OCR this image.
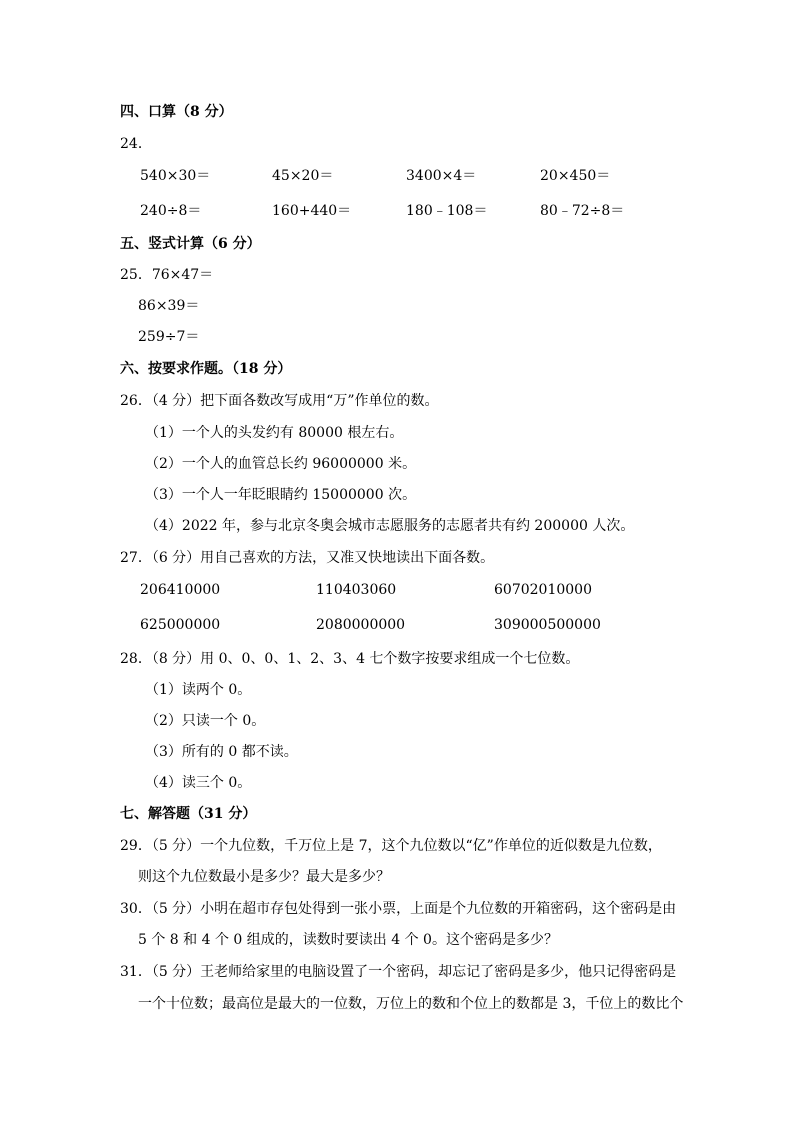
四、口算（8 分）
24．
540×30＝	45×20＝	3400×4＝	20×450＝
240÷8＝	160+440＝	180﹣108＝	80﹣72÷8＝
五、竖式计算（6 分）
25．76×47＝
86×39＝
259÷7＝
六、按要求作题。（18 分）
26．（4 分）把下面各数改写成用“万”作单位的数。
（1）一个人的头发约有 80000 根左右。
（2）一个人的血管总长约 96000000 米。
（3）一个人一年眨眼睛约 15000000 次。
（4）2022 年，参与北京冬奥会城市志愿服务的志愿者共有约 200000 人次。
27．（6 分）用自己喜欢的方法，又准又快地读出下面各数。
206410000	110403060	60702010000
625000000	2080000000	309000500000
28．（8 分）用 0、0、0、1、2、3、4 七个数字按要求组成一个七位数。
（1）读两个 0。
（2）只读一个 0。
（3）所有的 0 都不读。
（4）读三个 0。
七、解答题（31 分）
29．（5 分）一个九位数，千万位上是 7，这个九位数以“亿”作单位的近似数是九位数，
则这个九位数最小是多少？最大是多少？
30．（5 分）小明在超市存包处得到一张小票，上面是个九位数的开箱密码，这个密码是由
5 个 8 和 4 个 0 组成的，读数时要读出 4 个 0。这个密码是多少？
31．（5 分）王老师给家里的电脑设置了一个密码，却忘记了密码是多少，他只记得密码是
一个十位数；最高位是最大的一位数，万位上的数和个位上的数都是 3，千位上的数比个
